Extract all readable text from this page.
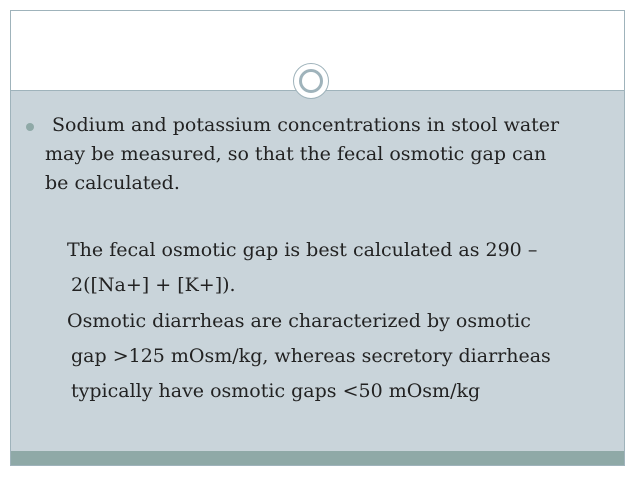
Sodium and potassium concentrations in stool water
may be measured, so that the fecal osmotic gap can
be calculated.
The fecal osmotic gap is best calculated as 290 –
2([Na+] + [K+]).
Osmotic diarrheas are characterized by osmotic
gap >125 mOsm/kg, whereas secretory diarrheas
typically have osmotic gaps <50 mOsm/kg
